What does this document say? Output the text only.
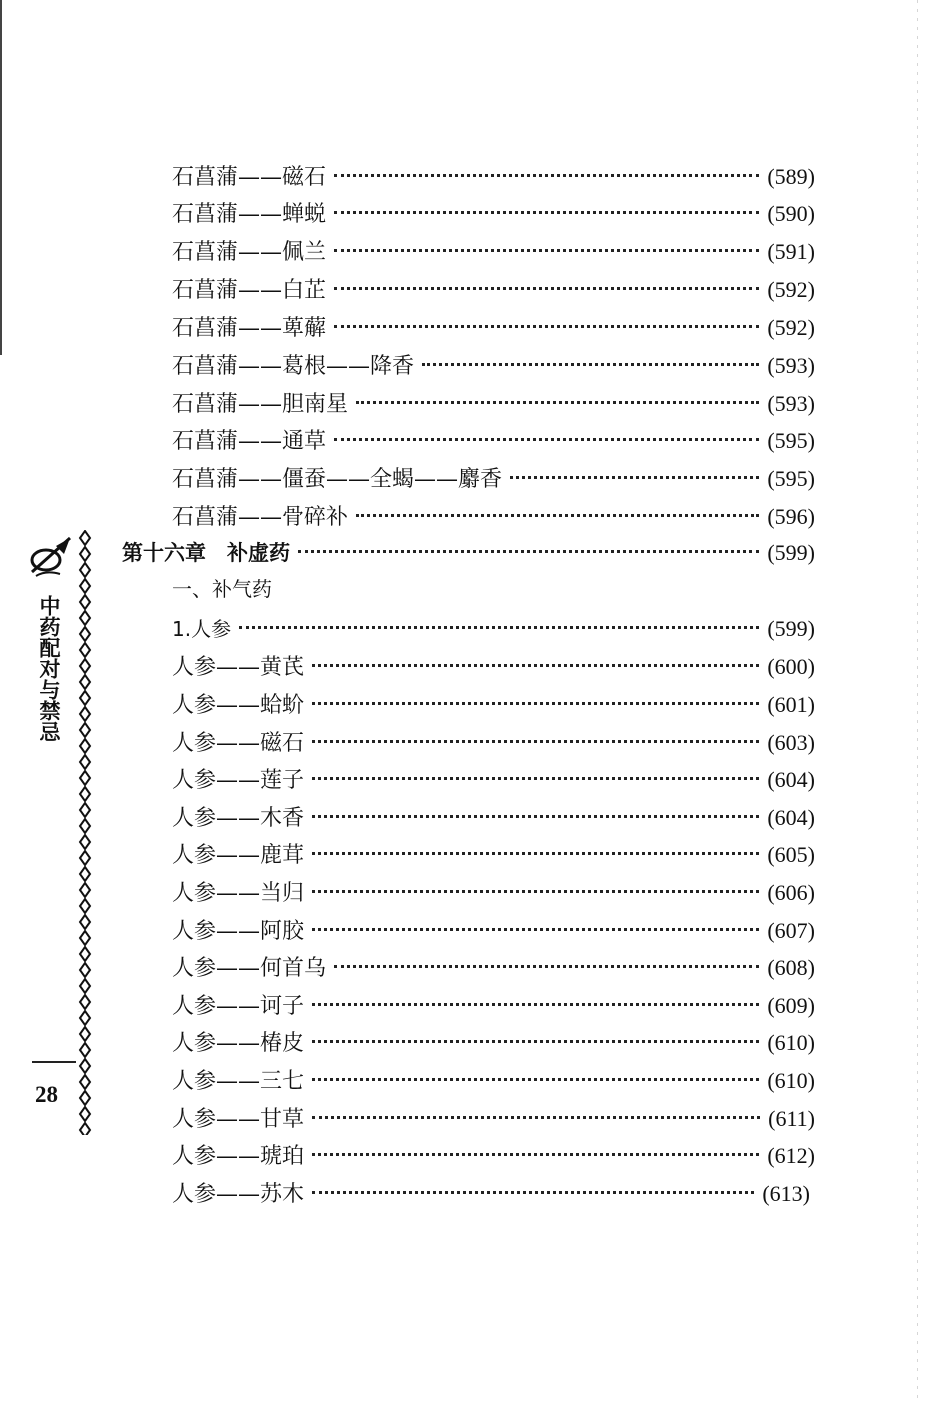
中药配对与禁忌
28
石菖蒲——磁石	(589)
石菖蒲——蝉蜕	(590)
石菖蒲——佩兰	(591)
石菖蒲——白芷	(592)
石菖蒲——萆薢	(592)
石菖蒲——葛根——降香	(593)
石菖蒲——胆南星	(593)
石菖蒲——通草	(595)
石菖蒲——僵蚕——全蝎——麝香	(595)
石菖蒲——骨碎补	(596)
第十六章　补虚药	(599)
一、补气药
1.人参	(599)
人参——黄芪	(600)
人参——蛤蚧	(601)
人参——磁石	(603)
人参——莲子	(604)
人参——木香	(604)
人参——鹿茸	(605)
人参——当归	(606)
人参——阿胶	(607)
人参——何首乌	(608)
人参——诃子	(609)
人参——椿皮	(610)
人参——三七	(610)
人参——甘草	(611)
人参——琥珀	(612)
人参——苏木	(613)
